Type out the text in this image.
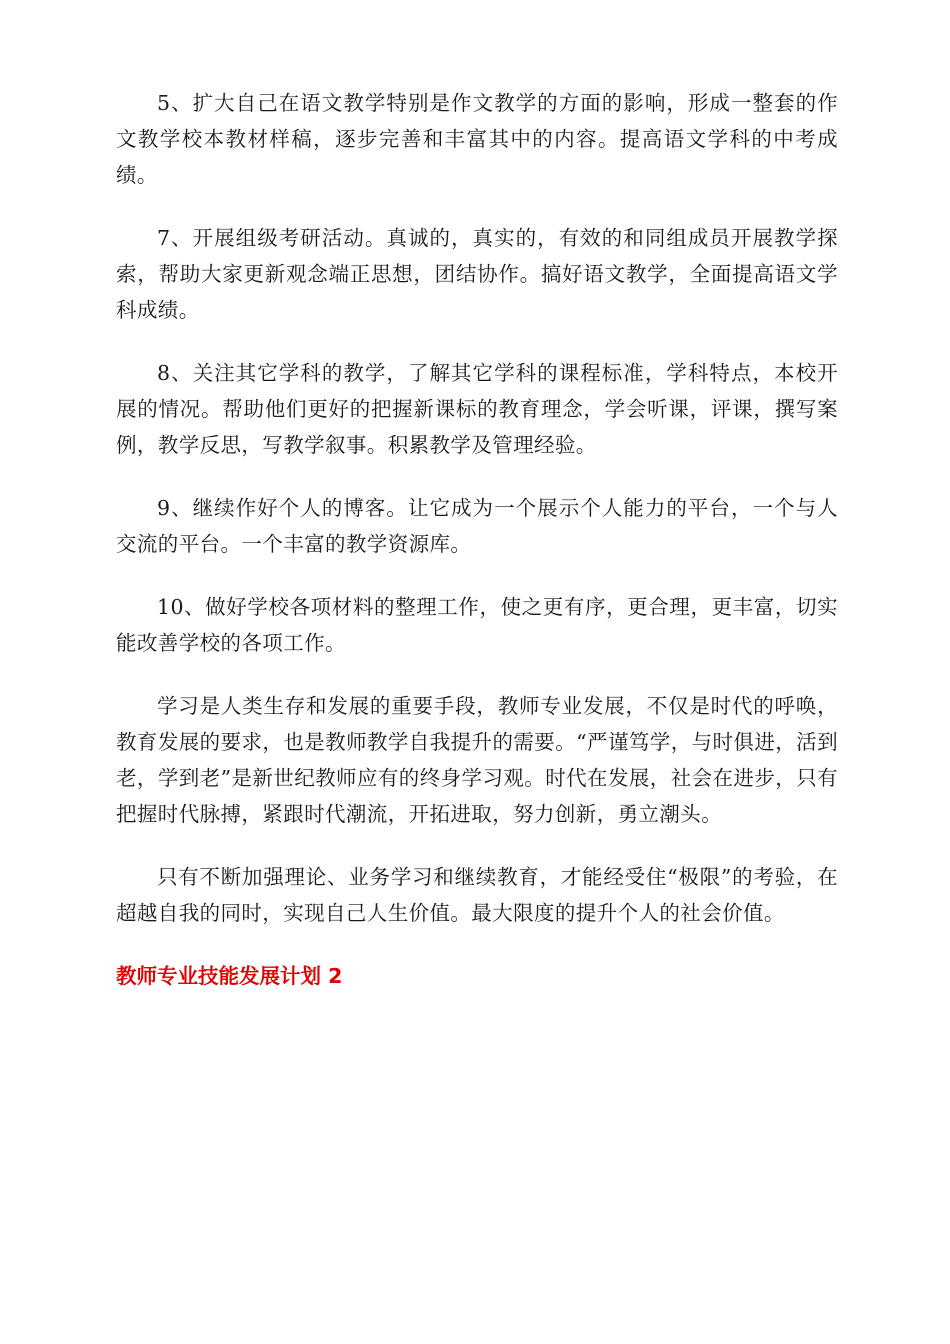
5、扩大自己在语文教学特别是作文教学的方面的影响，形成一整套的作文教学校本教材样稿，逐步完善和丰富其中的内容。提高语文学科的中考成绩。

7、开展组级考研活动。真诚的，真实的，有效的和同组成员开展教学探索，帮助大家更新观念端正思想，团结协作。搞好语文教学，全面提高语文学科成绩。

8、关注其它学科的教学，了解其它学科的课程标准，学科特点，本校开展的情况。帮助他们更好的把握新课标的教育理念，学会听课，评课，撰写案例，教学反思，写教学叙事。积累教学及管理经验。

9、继续作好个人的博客。让它成为一个展示个人能力的平台，一个与人交流的平台。一个丰富的教学资源库。

10、做好学校各项材料的整理工作，使之更有序，更合理，更丰富，切实能改善学校的各项工作。

学习是人类生存和发展的重要手段，教师专业发展，不仅是时代的呼唤，教育发展的要求，也是教师教学自我提升的需要。“严谨笃学，与时俱进，活到老，学到老”是新世纪教师应有的终身学习观。时代在发展，社会在进步，只有把握时代脉搏，紧跟时代潮流，开拓进取，努力创新，勇立潮头。

只有不断加强理论、业务学习和继续教育，才能经受住“极限”的考验，在超越自我的同时，实现自己人生价值。最大限度的提升个人的社会价值。

教师专业技能发展计划 2
